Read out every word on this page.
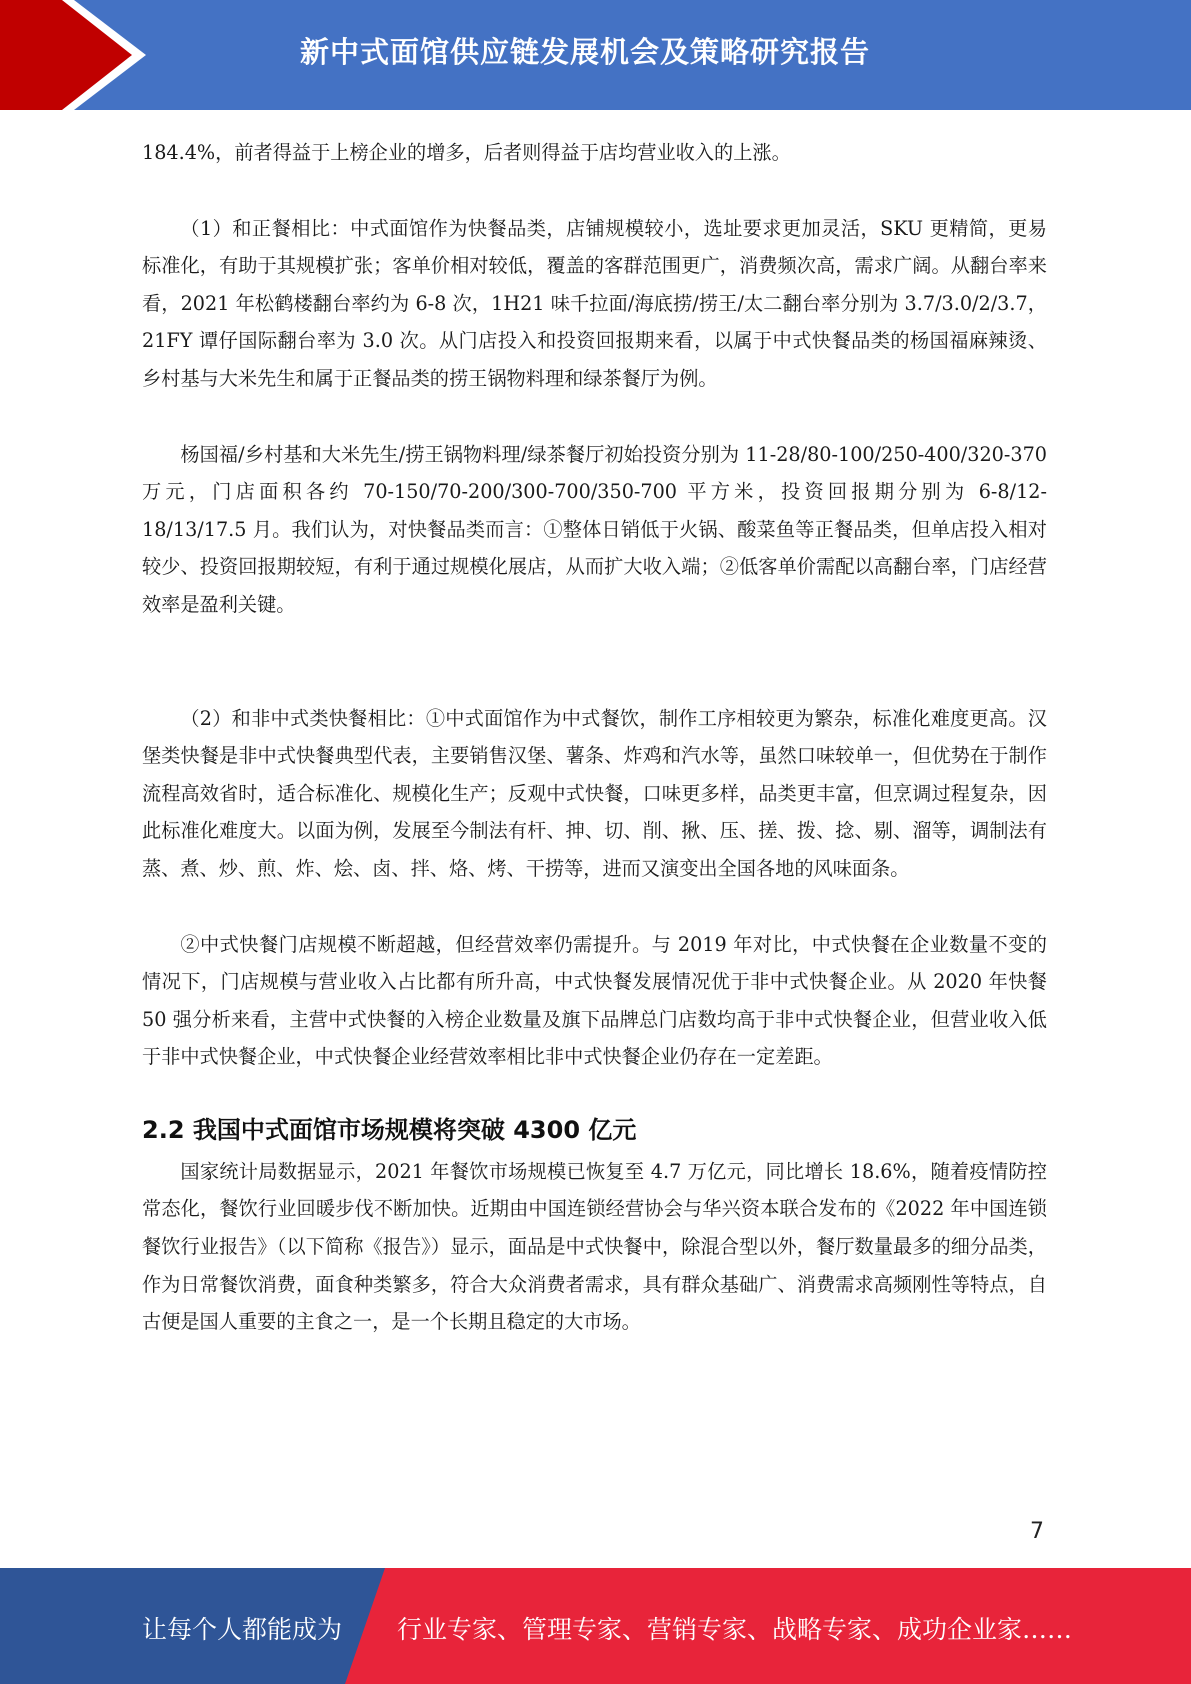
新中式面馆供应链发展机会及策略研究报告

184.4%，前者得益于上榜企业的增多，后者则得益于店均营业收入的上涨。

（1）和正餐相比：中式面馆作为快餐品类，店铺规模较小，选址要求更加灵活，SKU 更精简，更易标准化，有助于其规模扩张；客单价相对较低，覆盖的客群范围更广，消费频次高，需求广阔。从翻台率来看，2021 年松鹤楼翻台率约为 6-8 次，1H21 味千拉面/海底捞/捞王/太二翻台率分别为 3.7/3.0/2/3.7，21FY 谭仔国际翻台率为 3.0 次。从门店投入和投资回报期来看，以属于中式快餐品类的杨国福麻辣烫、乡村基与大米先生和属于正餐品类的捞王锅物料理和绿茶餐厅为例。

杨国福/乡村基和大米先生/捞王锅物料理/绿茶餐厅初始投资分别为 11-28/80-100/250-400/320-370 万元，门店面积各约 70-150/70-200/300-700/350-700 平方米，投资回报期分别为 6-8/12-18/13/17.5 月。我们认为，对快餐品类而言：①整体日销低于火锅、酸菜鱼等正餐品类，但单店投入相对较少、投资回报期较短，有利于通过规模化展店，从而扩大收入端；②低客单价需配以高翻台率，门店经营效率是盈利关键。

（2）和非中式类快餐相比：①中式面馆作为中式餐饮，制作工序相较更为繁杂，标准化难度更高。汉堡类快餐是非中式快餐典型代表，主要销售汉堡、薯条、炸鸡和汽水等，虽然口味较单一，但优势在于制作流程高效省时，适合标准化、规模化生产；反观中式快餐，口味更多样，品类更丰富，但烹调过程复杂，因此标准化难度大。以面为例，发展至今制法有杆、抻、切、削、揪、压、搓、拨、捻、剔、溜等，调制法有蒸、煮、炒、煎、炸、烩、卤、拌、烙、烤、干捞等，进而又演变出全国各地的风味面条。

②中式快餐门店规模不断超越，但经营效率仍需提升。与 2019 年对比，中式快餐在企业数量不变的情况下，门店规模与营业收入占比都有所升高，中式快餐发展情况优于非中式快餐企业。从 2020 年快餐 50 强分析来看，主营中式快餐的入榜企业数量及旗下品牌总门店数均高于非中式快餐企业，但营业收入低于非中式快餐企业，中式快餐企业经营效率相比非中式快餐企业仍存在一定差距。

2.2 我国中式面馆市场规模将突破 4300 亿元

国家统计局数据显示，2021 年餐饮市场规模已恢复至 4.7 万亿元，同比增长 18.6%，随着疫情防控常态化，餐饮行业回暖步伐不断加快。近期由中国连锁经营协会与华兴资本联合发布的《2022 年中国连锁餐饮行业报告》（以下简称《报告》）显示，面品是中式快餐中，除混合型以外，餐厅数量最多的细分品类，作为日常餐饮消费，面食种类繁多，符合大众消费者需求，具有群众基础广、消费需求高频刚性等特点，自古便是国人重要的主食之一，是一个长期且稳定的大市场。

7
让每个人都能成为 行业专家、管理专家、营销专家、战略专家、成功企业家……
